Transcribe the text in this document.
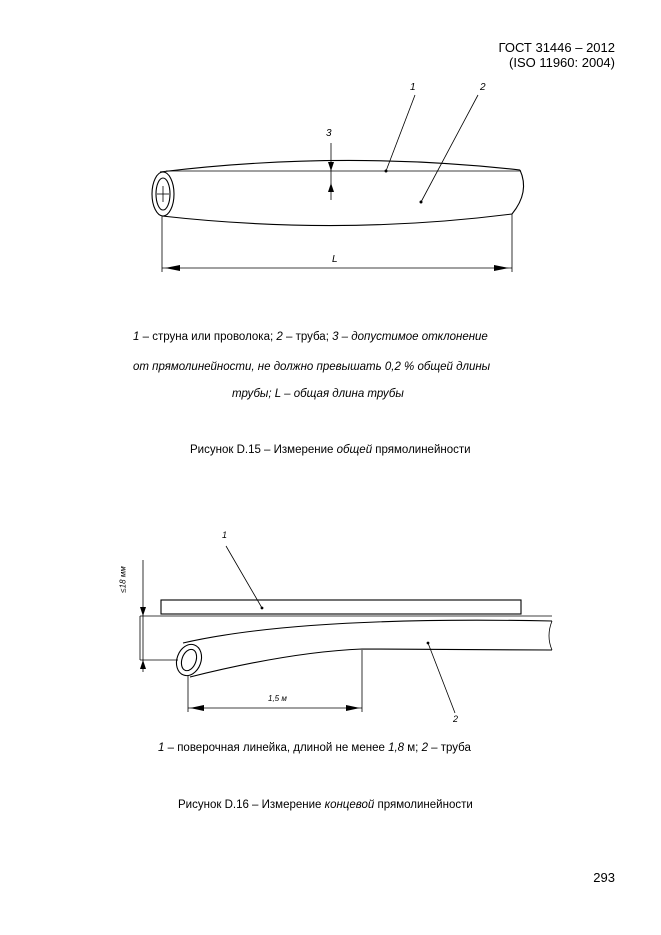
ГОСТ 31446 – 2012
(ISO 11960: 2004)
1	2
3
L
1 – струна или проволока; 2 – труба; 3 – допустимое отклонение
от прямолинейности, не должно превышать 0,2 % общей длины
трубы; L – общая длина трубы
Рисунок D.15 – Измерение общей прямолинейности
1
2
≤18 мм
1,5 м
1 – поверочная линейка, длиной не менее 1,8 м; 2 – труба
Рисунок D.16 – Измерение концевой прямолинейности
293
